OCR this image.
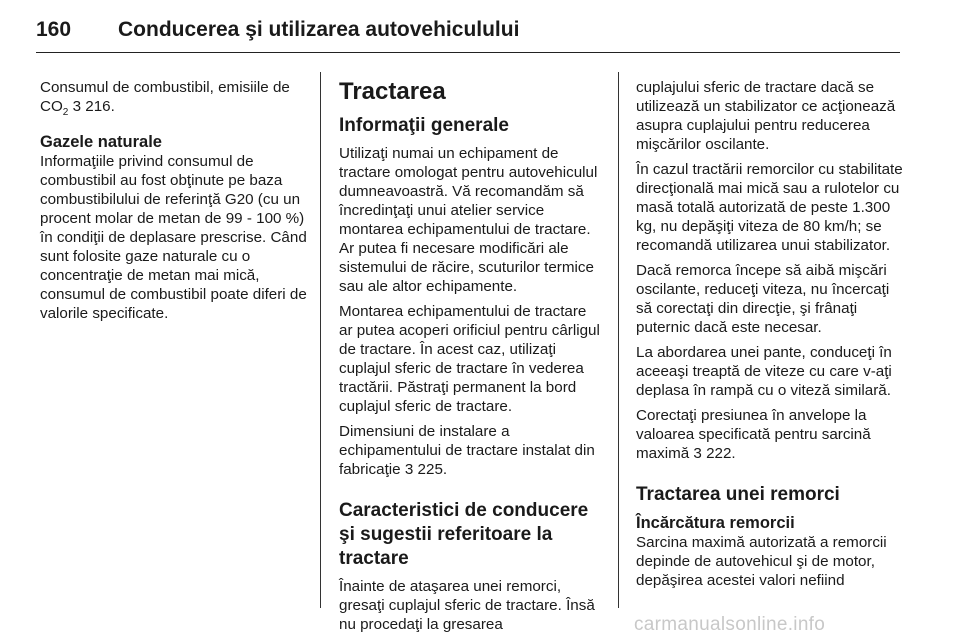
160	Conducerea şi utilizarea autovehiculului

Consumul de combustibil, emisiile de
$CO_2$ 3 216.

Gazele naturale

Informaţiile privind consumul de combustibil au fost obţinute pe baza combustibilului de referinţă G20 (cu un procent molar de metan de 99 - 100 %) în condiţii de deplasare prescrise. Când sunt folosite gaze naturale cu o concentraţie de metan mai mică, consumul de combustibil poate diferi de valorile specificate.

Tractarea
Informaţii generale

Utilizaţi numai un echipament de tractare omologat pentru autovehiculul dumneavoastră. Vă recomandăm să încredinţaţi unui atelier service montarea echipamentului de tractare. Ar putea fi necesare modificări ale sistemului de răcire, scuturilor termice sau ale altor echipamente.

Montarea echipamentului de tractare ar putea acoperi orificiul pentru cârligul de tractare. În acest caz, utilizaţi cuplajul sferic de tractare în vederea tractării. Păstraţi permanent la bord cuplajul sferic de tractare.

Dimensiuni de instalare a echipamentului de tractare instalat din fabricaţie 3 225.

Caracteristici de conducere şi sugestii referitoare la tractare

Înainte de ataşarea unei remorci, gresaţi cuplajul sferic de tractare. Însă nu procedaţi la gresarea

cuplajului sferic de tractare dacă se utilizează un stabilizator ce acţionează asupra cuplajului pentru reducerea mişcărilor oscilante.

În cazul tractării remorcilor cu stabilitate direcţională mai mică sau a rulotelor cu masă totală autorizată de peste 1.300 kg, nu depăşiţi viteza de 80 km/h; se recomandă utilizarea unui stabilizator.

Dacă remorca începe să aibă mişcări oscilante, reduceţi viteza, nu încercaţi să corectaţi din direcţie, şi frânaţi puternic dacă este necesar.

La abordarea unei pante, conduceţi în aceeaşi treaptă de viteze cu care v-aţi deplasa în rampă cu o viteză similară.

Corectaţi presiunea în anvelope la valoarea specificată pentru sarcină maximă 3 222.

Tractarea unei remorci
Încărcătura remorcii

Sarcina maximă autorizată a remorcii depinde de autovehicul şi de motor, depăşirea acestei valori nefiind

carmanualsonline.info
